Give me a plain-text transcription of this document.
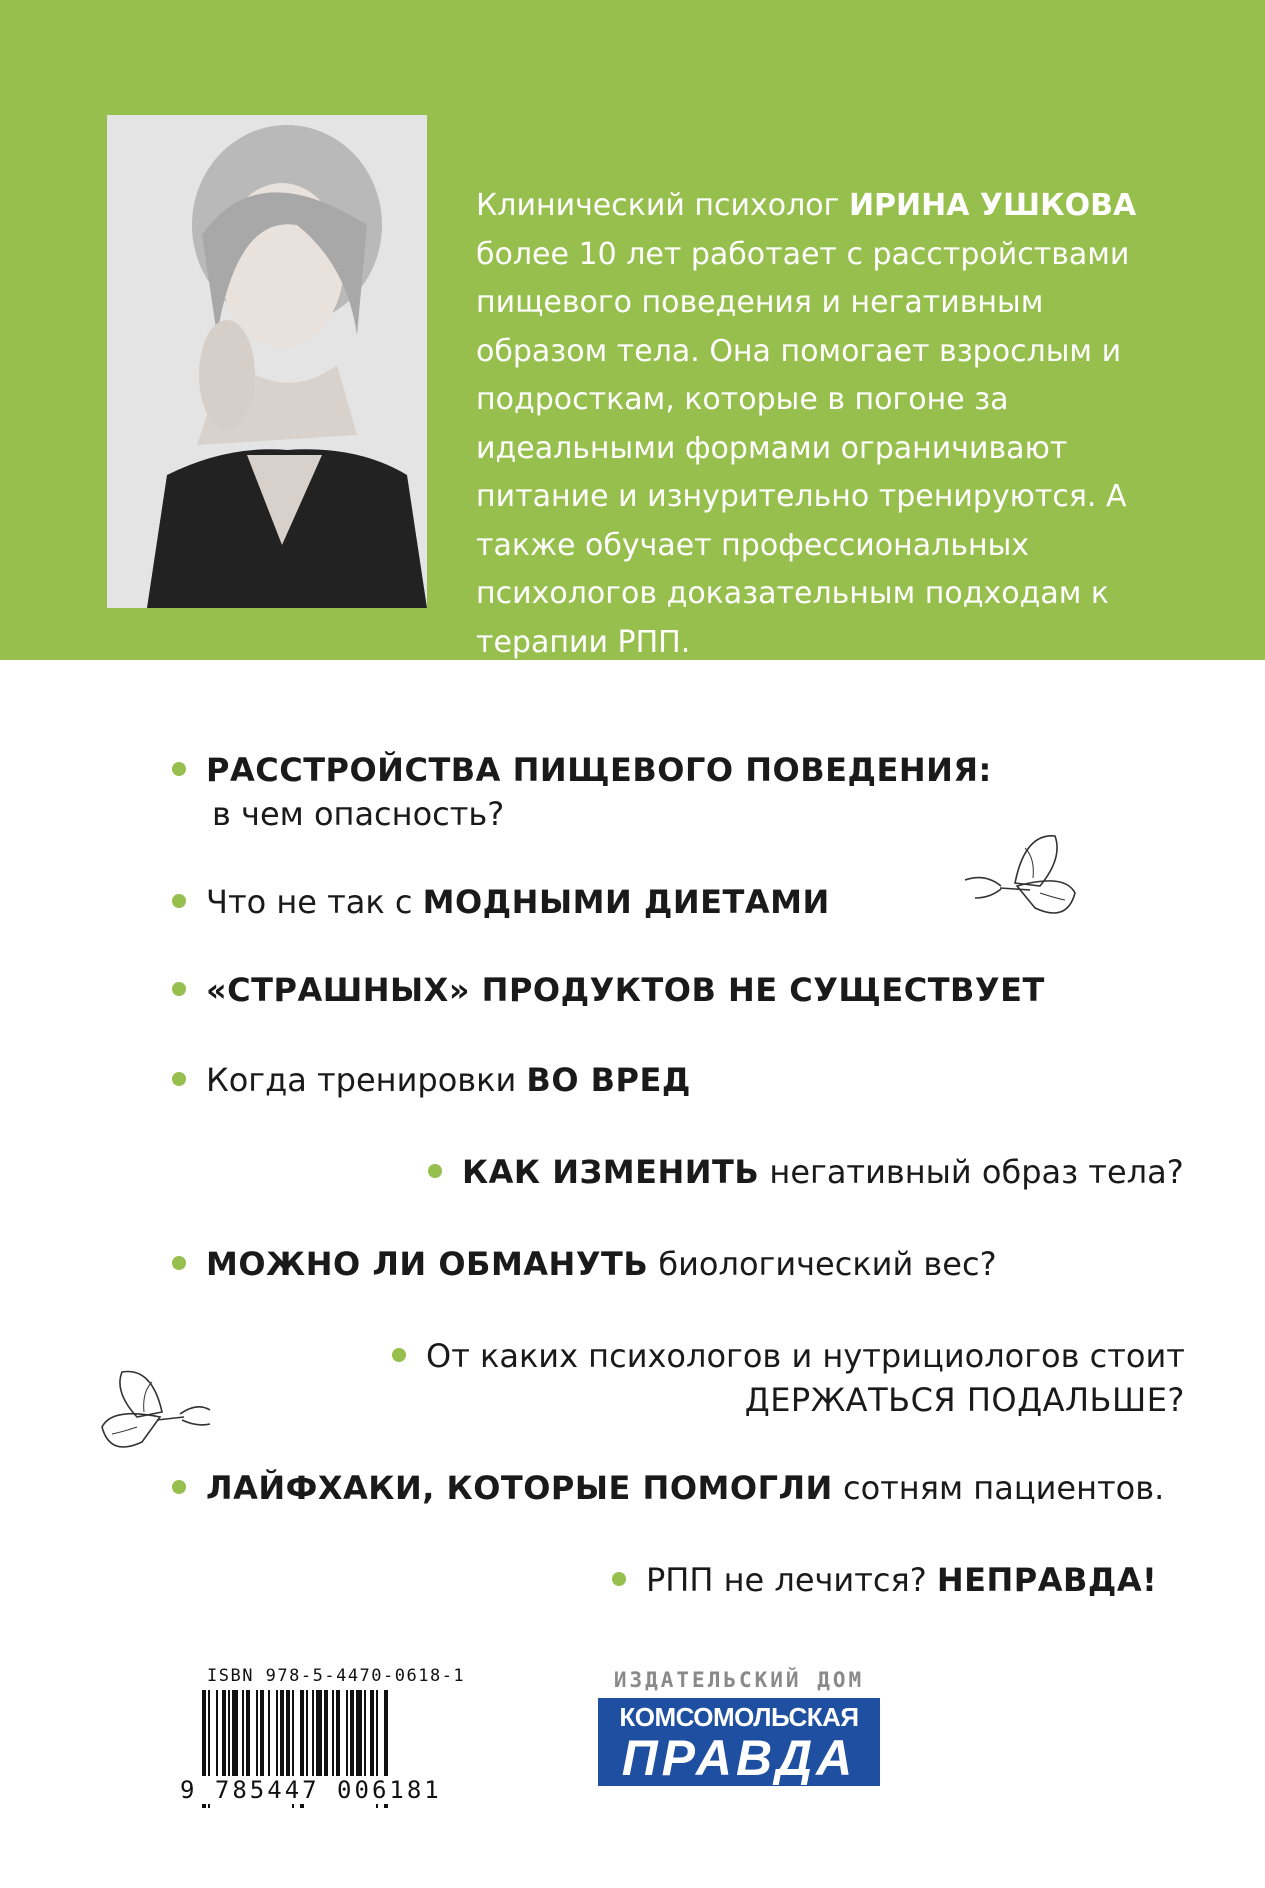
Клинический психолог ИРИНА УШКОВА более 10 лет работает с расстройствами пищевого поведения и негативным образом тела. Она помогает взрослым и подросткам, которые в погоне за идеальными формами ограничивают питание и изнурительно тренируются. А также обучает профессиональных психологов доказательным подходам к терапии РПП.

РАССТРОЙСТВА ПИЩЕВОГО ПОВЕДЕНИЯ:
в чем опасность?
Что не так с МОДНЫМИ ДИЕТАМИ
«СТРАШНЫХ» ПРОДУКТОВ НЕ СУЩЕСТВУЕТ
Когда тренировки ВО ВРЕД
КАК ИЗМЕНИТЬ негативный образ тела?
МОЖНО ЛИ ОБМАНУТЬ биологический вес?
От каких психологов и нутрициологов стоит
ДЕРЖАТЬСЯ ПОДАЛЬШЕ?
ЛАЙФХАКИ, КОТОРЫЕ ПОМОГЛИ сотням пациентов.
РПП не лечится? НЕПРАВДА!
ISBN 978-5-4470-0618-1
9 785447 006181
ИЗДАТЕЛЬСКИЙ ДОМ
КОМСОМОЛЬСКАЯ
ПРАВДА
